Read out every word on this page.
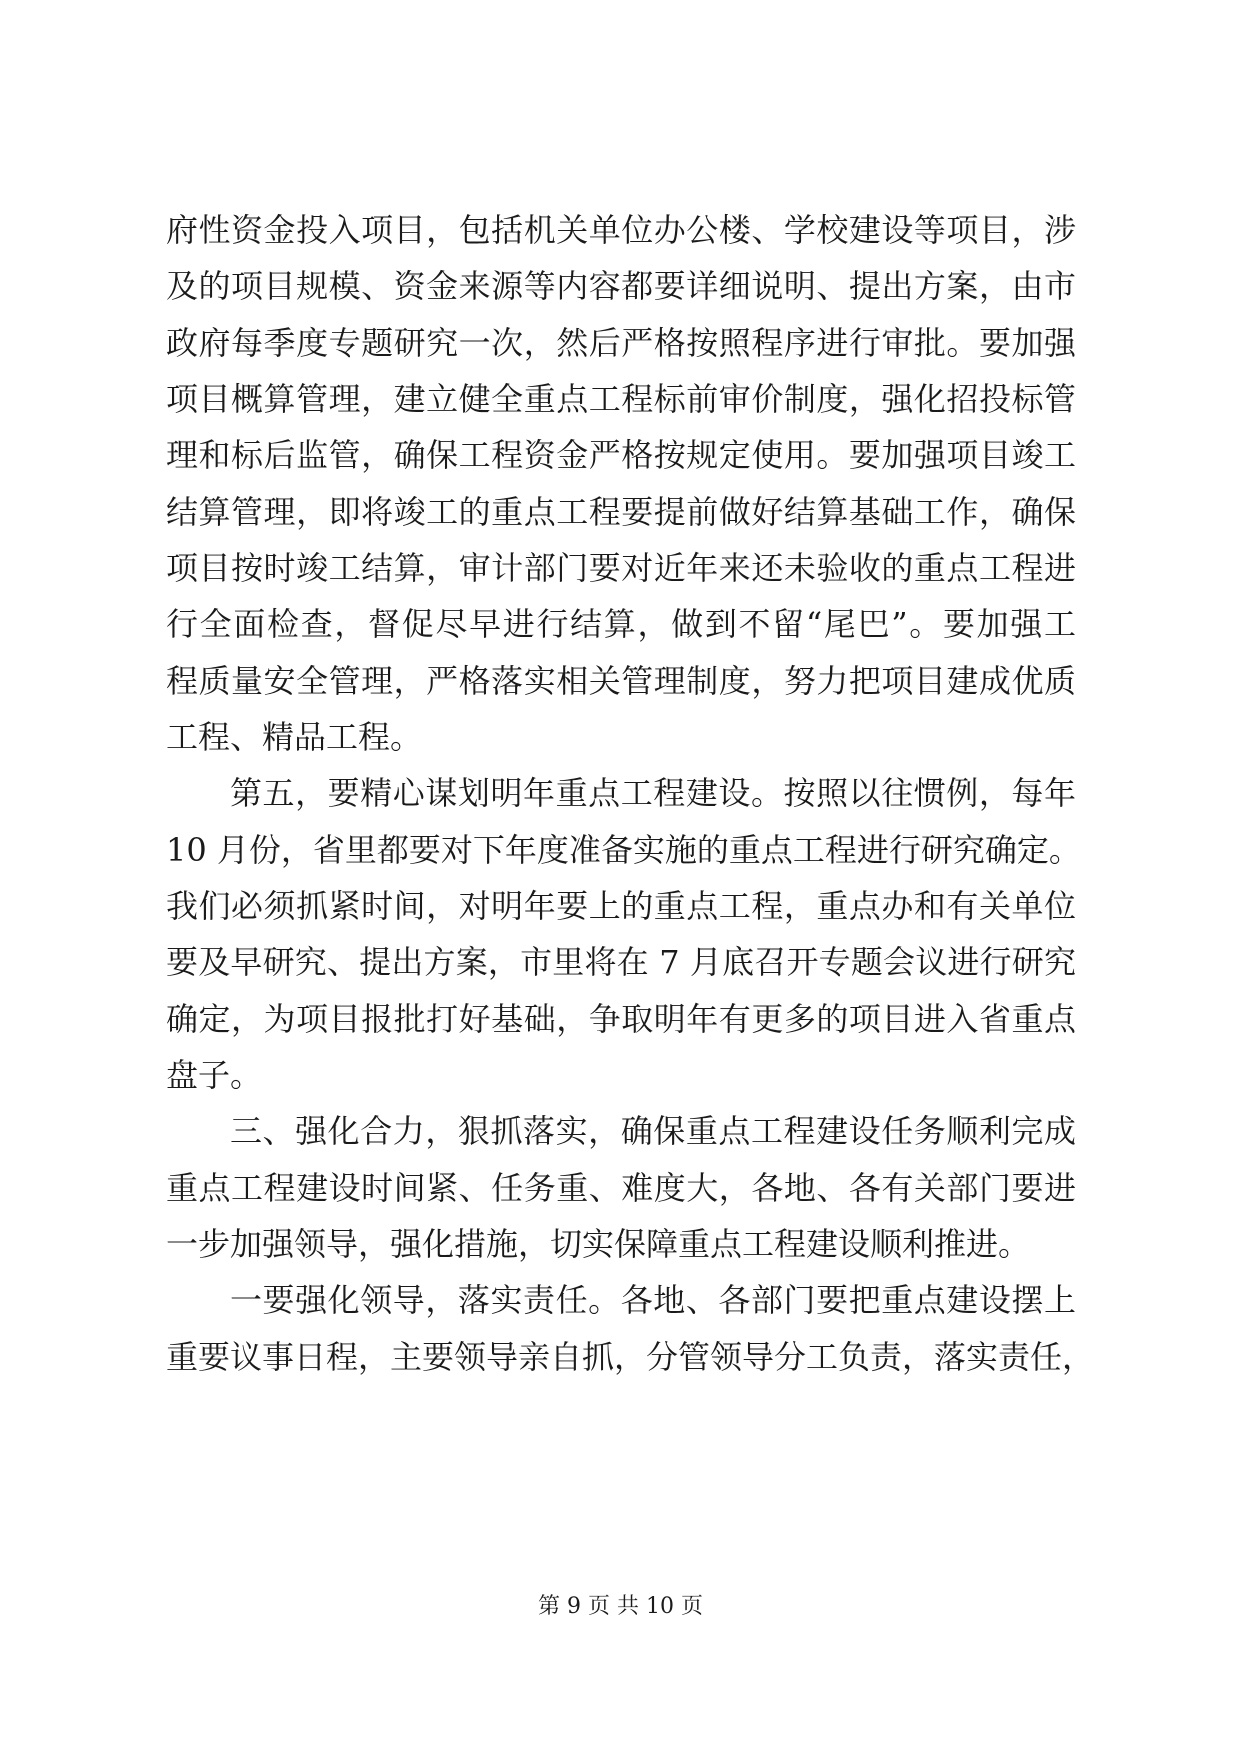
府性资金投入项目，包括机关单位办公楼、学校建设等项目，涉
及的项目规模、资金来源等内容都要详细说明、提出方案，由市
政府每季度专题研究一次，然后严格按照程序进行审批。要加强
项目概算管理，建立健全重点工程标前审价制度，强化招投标管
理和标后监管，确保工程资金严格按规定使用。要加强项目竣工
结算管理，即将竣工的重点工程要提前做好结算基础工作，确保
项目按时竣工结算，审计部门要对近年来还未验收的重点工程进
行全面检查，督促尽早进行结算，做到不留“尾巴”。要加强工
程质量安全管理，严格落实相关管理制度，努力把项目建成优质
工程、精品工程。
第五，要精心谋划明年重点工程建设。按照以往惯例，每年
10 月份，省里都要对下年度准备实施的重点工程进行研究确定。
我们必须抓紧时间，对明年要上的重点工程，重点办和有关单位
要及早研究、提出方案，市里将在 7 月底召开专题会议进行研究
确定，为项目报批打好基础，争取明年有更多的项目进入省重点
盘子。
三、强化合力，狠抓落实，确保重点工程建设任务顺利完成
重点工程建设时间紧、任务重、难度大，各地、各有关部门要进
一步加强领导，强化措施，切实保障重点工程建设顺利推进。
一要强化领导，落实责任。各地、各部门要把重点建设摆上
重要议事日程，主要领导亲自抓，分管领导分工负责，落实责任，
第 9 页 共 10 页
